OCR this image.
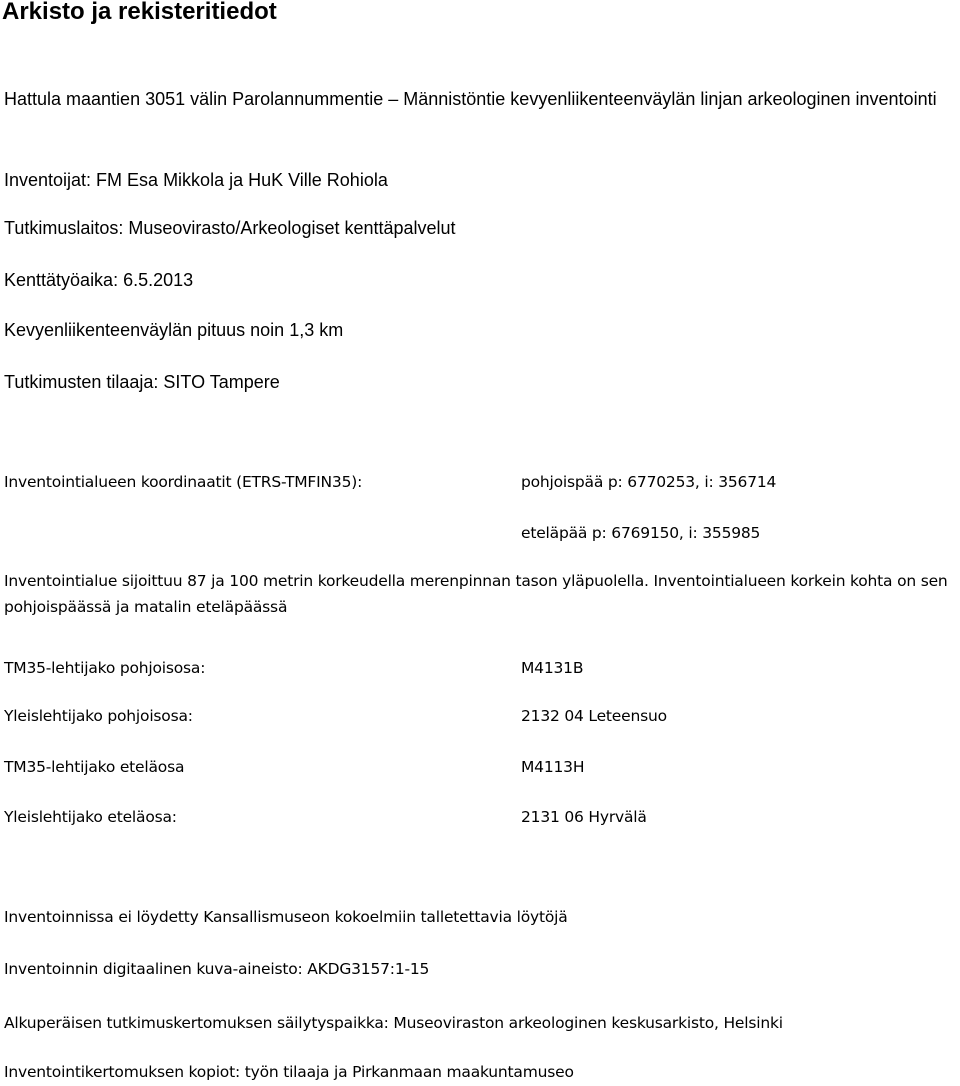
Arkisto ja rekisteritiedot

Hattula maantien 3051 välin Parolannummentie – Männistöntie kevyenliikenteenväylän linjan arkeologinen inventointi

Inventoijat: FM Esa Mikkola ja HuK Ville Rohiola

Tutkimuslaitos: Museovirasto/Arkeologiset kenttäpalvelut

Kenttätyöaika: 6.5.2013

Kevyenliikenteenväylän pituus noin 1,3 km

Tutkimusten tilaaja: SITO Tampere

Inventointialueen koordinaatit (ETRS-TMFIN35):	pohjoispää p: 6770253, i: 356714

eteläpää p: 6769150, i: 355985

Inventointialue sijoittuu 87 ja 100 metrin korkeudella merenpinnan tason yläpuolella. Inventointialueen korkein kohta on sen pohjoispäässä ja matalin eteläpäässä

TM35-lehtijako pohjoisosa:	M4131B

Yleislehtijako pohjoisosa:	2132 04 Leteensuo

TM35-lehtijako eteläosa	M4113H

Yleislehtijako eteläosa:	2131 06 Hyrvälä

Inventoinnissa ei löydetty Kansallismuseon kokoelmiin talletettavia löytöjä

Inventoinnin digitaalinen kuva-aineisto: AKDG3157:1-15

Alkuperäisen tutkimuskertomuksen säilytyspaikka: Museoviraston arkeologinen keskusarkisto, Helsinki

Inventointikertomuksen kopiot: työn tilaaja ja Pirkanmaan maakuntamuseo
